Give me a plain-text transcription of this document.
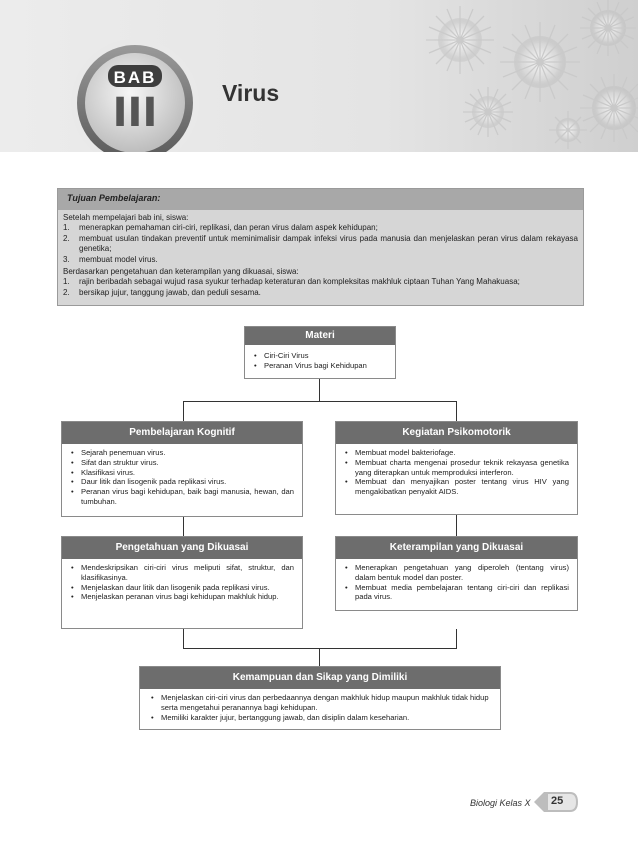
BAB
III	Virus
Tujuan Pembelajaran:

Setelah mempelajari bab ini, siswa:

1. menerapkan pemahaman ciri-ciri, replikasi, dan peran virus dalam aspek kehidupan;
2. membuat usulan tindakan preventif untuk meminimalisir dampak infeksi virus pada manusia dan menjelaskan peran virus dalam rekayasa genetika;
3. membuat model virus.

Berdasarkan pengetahuan dan keterampilan yang dikuasai, siswa:

1. rajin beribadah sebagai wujud rasa syukur terhadap keteraturan dan kompleksitas makhluk ciptaan Tuhan Yang Mahakuasa;
2. bersikap jujur, tanggung jawab, dan peduli sesama.
Materi
• Ciri-Ciri Virus
• Peranan Virus bagi Kehidupan
Pembelajaran Kognitif
• Sejarah penemuan virus.
• Sifat dan struktur virus.
• Klasifikasi virus.
• Daur litik dan lisogenik pada replikasi virus.
• Peranan virus bagi kehidupan, baik bagi manusia, hewan, dan tumbuhan.
Kegiatan Psikomotorik
• Membuat model bakteriofage.
• Membuat charta mengenai prosedur teknik rekayasa genetika yang diterapkan untuk memproduksi interferon.
• Membuat dan menyajikan poster tentang virus HIV yang mengakibatkan penyakit AIDS.
Pengetahuan yang Dikuasai
• Mendeskripsikan ciri-ciri virus meliputi sifat, struktur, dan klasifikasinya.
• Menjelaskan daur litik dan lisogenik pada replikasi virus.
• Menjelaskan peranan virus bagi kehidupan makhluk hidup.
Keterampilan yang Dikuasai
• Menerapkan pengetahuan yang diperoleh (tentang virus) dalam bentuk model dan poster.
• Membuat media pembelajaran tentang ciri-ciri dan replikasi pada virus.
Kemampuan dan Sikap yang Dimiliki
• Menjelaskan ciri-ciri virus dan perbedaannya dengan makhluk hidup maupun makhluk tidak hidup serta mengetahui peranannya bagi kehidupan.
• Memiliki karakter jujur, bertanggung jawab, dan disiplin dalam keseharian.
Biologi Kelas X 25
